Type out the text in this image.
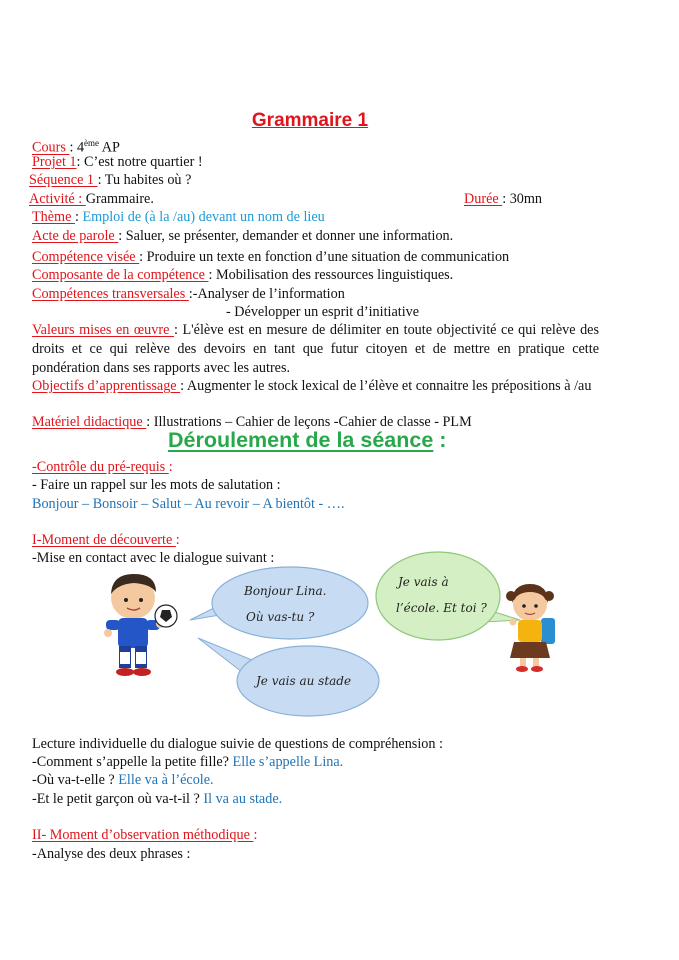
Grammaire 1
Cours : 4ème AP
Projet 1: C’est notre quartier !
Séquence 1 : Tu habites où ?
Activité : Grammaire.	Durée : 30mn
Thème : Emploi de (à la /au) devant un nom de lieu
Acte de parole : Saluer, se présenter, demander et donner une information.
Compétence visée : Produire un texte en fonction d’une situation de communication
Composante de la compétence : Mobilisation des ressources linguistiques.
Compétences transversales :-Analyser de l’information
- Développer un esprit d’initiative
Valeurs mises en œuvre : L'élève est en mesure de délimiter en toute objectivité ce qui relève des droits et ce qui relève des devoirs en tant que futur citoyen et de mettre en pratique cette pondération dans ses rapports avec les autres.
Objectifs d’apprentissage : Augmenter le stock lexical de l’élève et connaitre les prépositions à /au
Matériel didactique : Illustrations – Cahier de leçons -Cahier de classe - PLM
Déroulement de la séance :
-Contrôle du pré-requis :
- Faire un rappel sur les mots de salutation :
Bonjour – Bonsoir – Salut – Au revoir – A bientôt - ….
I-Moment de découverte :
-Mise en contact avec le dialogue suivant :
Bonjour Lina.
Où vas-tu ?
Je vais à
l’école. Et toi ?
Je vais au stade
Lecture individuelle du dialogue suivie de questions de compréhension :
-Comment s’appelle la petite fille? Elle s’appelle Lina.
-Où va-t-elle ? Elle va à l’école.
-Et le petit garçon où va-t-il ? Il va au stade.
II- Moment d’observation méthodique :
-Analyse des deux phrases :
